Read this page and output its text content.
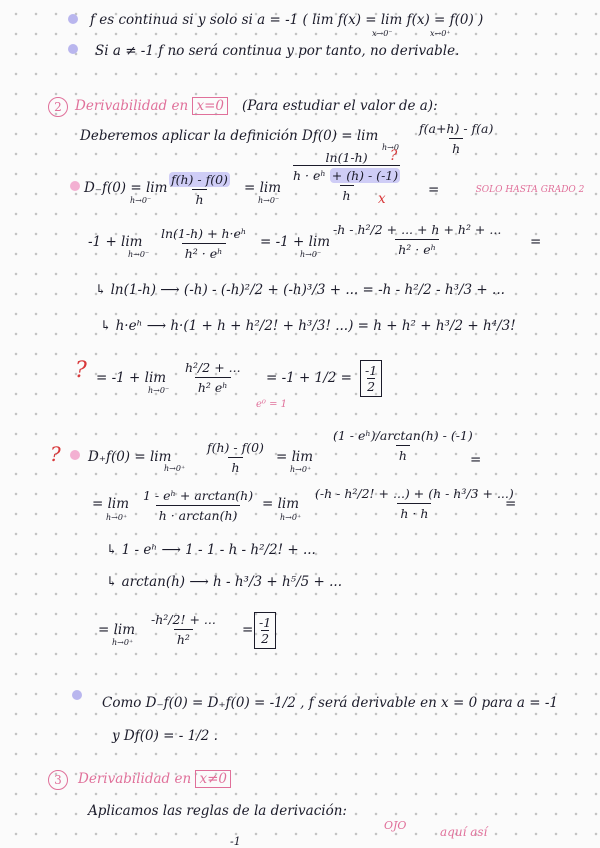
f es continua si y solo si a = -1 ( lim f(x) = lim f(x) = f(0) )
x→0⁻	x→0⁺
Si a ≠ -1 f no será continua y por tanto, no derivable.
2 Derivabilidad en x=0 (Para estudiar el valor de a):
Deberemos aplicar la definición Df(0) = lim
$h\to 0 \frac{f(a+h) - f(a)}{h}$
D₋f(0) = lim
$h\to 0^- \frac{f(h) - f(0)}{h} = \lim$
h→0⁻ ln(1-h)
h · eʰ + (h) - (-1)
h
?
x
=	SOLO HASTA GRADO 2
-1 + lim
$h\to 0^- \frac{\text{ln(1-h) + h·eʰ}}{\text{h² · eʰ}} = -1 + \lim$
$h\to 0^- \frac{\text{-h - h²/2 + ... + h + h² + ...}}{\text{h² · eʰ}}$ =
↳ ln(1-h) ⟶ (-h) - (-h)²/2 + (-h)³/3 + ... = -h - h²/2 - h³/3 + ...
↳ h·eʰ ⟶ h·(1 + h + h²/2! + h³/3! ...) = h + h² + h³/2 + h⁴/3!
? = -1 + lim
$h\to 0^- \frac{\text{h²/2 + ...}}{\text{h² eʰ}} = -1 + 1/2 = -1$
2
e⁰ = 1
? D₊f(0) = lim
$h\to 0^+ \frac{f(h) - f(0)}{h} = \lim$
h→0⁺
$\frac{\text{(1 - eʰ)/arctan(h) - (-1)}}{h}$
=
= lim
$h\to 0^+ \frac{\text{1 - eʰ + arctan(h)}}{h \cdot \arctan(h)} = \lim$
$h\to 0^+ \frac{\text{(-h - h²/2! + ...) + (h - h³/3 + ...)}}{h \cdot h}$
=
↳ 1 - eʰ ⟶ 1 - 1 - h - h²/2! + ...
↳ arctan(h) ⟶ h - h³/3 + h⁵/5 + ...
= lim
$h\to 0^+ \frac{\text{-h²/2! + ...}}{\text{h²}} = -1$
2
Como D₋f(0) = D₊f(0) = -1/2 , f será derivable en x = 0 para a = -1
y Df(0) = - 1/2 .
3 Derivabilidad en x≠0
Aplicamos las reglas de la derivación:
OJO	aquí así
-1
